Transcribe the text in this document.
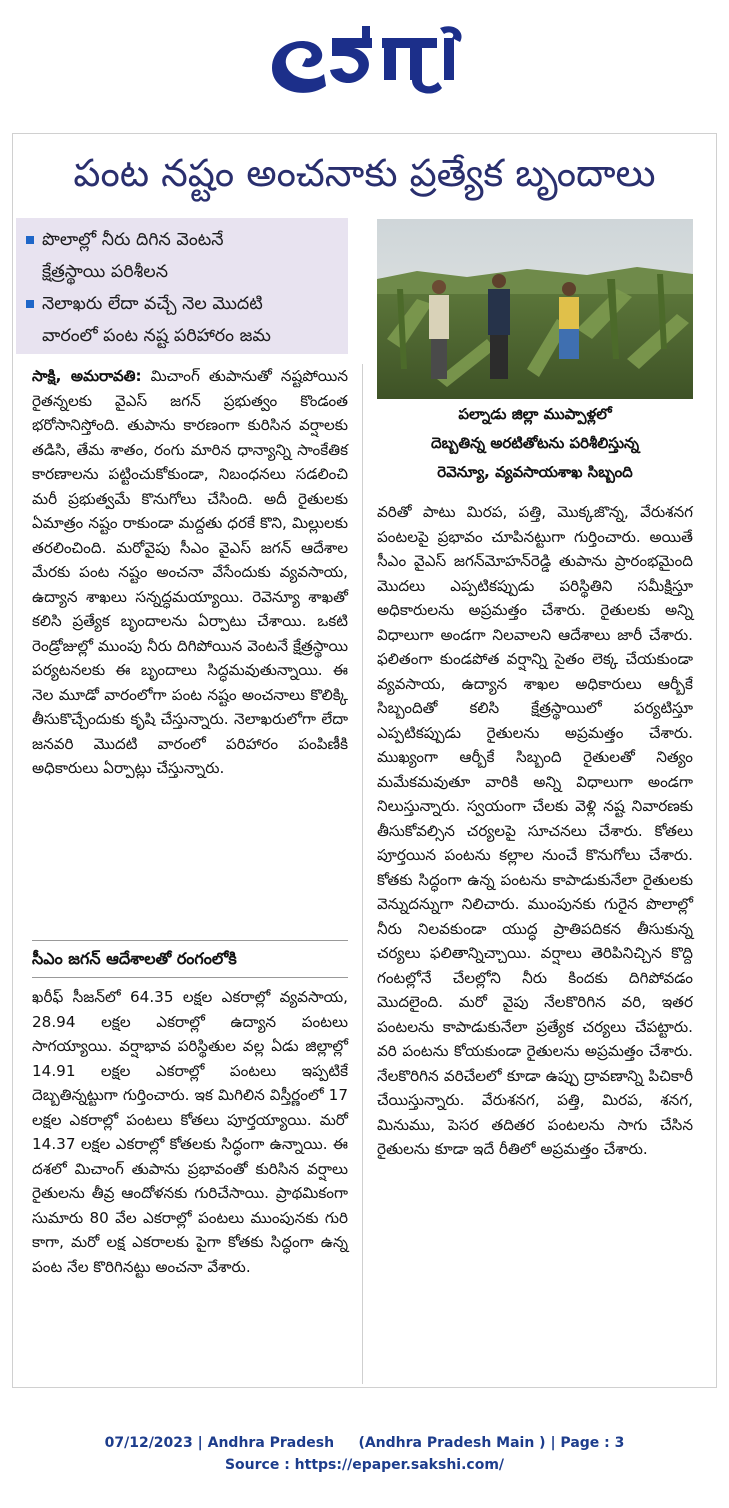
పంట నష్టం అంచనాకు ప్రత్యేక బృందాలు
పొలాల్లో నీరు దిగిన వెంటనే
క్షేత్రస్థాయి పరిశీలన
నెలాఖరు లేదా వచ్చే నెల మొదటి
వారంలో పంట నష్ట పరిహారం జమ
పల్నాడు జిల్లా ముప్పాళ్లలో
దెబ్బతిన్న అరటితోటను పరిశీలిస్తున్న
రెవెన్యూ, వ్యవసాయశాఖ సిబ్బంది

సాక్షి, అమరావతి: మిచాంగ్ తుపానుతో నష్టపోయిన రైతన్నలకు వైఎస్ జగన్ ప్రభుత్వం కొండంత భరోసానిస్తోంది. తుపాను కారణంగా కురిసిన వర్షాలకు తడిసి, తేమ శాతం, రంగు మారిన ధాన్యాన్ని సాంకేతిక కారణాలను పట్టించుకోకుండా, నిబంధనలు సడలించి మరీ ప్రభుత్వమే కొనుగోలు చేసింది. అదీ రైతులకు ఏమాత్రం నష్టం రాకుండా మద్దతు ధరకే కొని, మిల్లులకు తరలించింది. మరోవైపు సీఎం వైఎస్ జగన్ ఆదేశాల మేరకు పంట నష్టం అంచనా వేసేందుకు వ్యవసాయ, ఉద్యాన శాఖలు సన్నద్ధమయ్యాయి. రెవెన్యూ శాఖతో కలిసి ప్రత్యేక బృందాలను ఏర్పాటు చేశాయి. ఒకటి రెండ్రోజుల్లో ముంపు నీరు దిగిపోయిన వెంటనే క్షేత్రస్థాయి పర్యటనలకు ఈ బృందాలు సిద్ధమవుతున్నాయి. ఈ నెల మూడో వారంలోగా పంట నష్టం అంచనాలు కొలిక్కి తీసుకొచ్చేందుకు కృషి చేస్తున్నారు. నెలాఖరులోగా లేదా జనవరి మొదటి వారంలో పరిహారం పంపిణీకి అధికారులు ఏర్పాట్లు చేస్తున్నారు.

సీఎం జగన్ ఆదేశాలతో రంగంలోకి

ఖరీఫ్ సీజన్‌లో 64.35 లక్షల ఎకరాల్లో వ్యవసాయ, 28.94 లక్షల ఎకరాల్లో ఉద్యాన పంటలు సాగయ్యాయి. వర్షాభావ పరిస్థితుల వల్ల ఏడు జిల్లాల్లో 14.91 లక్షల ఎకరాల్లో పంటలు ఇప్పటికే దెబ్బతిన్నట్టుగా గుర్తించారు. ఇక మిగిలిన విస్తీర్ణంలో 17 లక్షల ఎకరాల్లో పంటలు కోతలు పూర్తయ్యాయి. మరో 14.37 లక్షల ఎకరాల్లో కోతలకు సిద్ధంగా ఉన్నాయి. ఈ దశలో మిచాంగ్ తుపాను ప్రభావంతో కురిసిన వర్షాలు రైతులను తీవ్ర ఆందోళనకు గురిచేసాయి. ప్రాథమికంగా సుమారు 80 వేల ఎకరాల్లో పంటలు ముంపునకు గురి కాగా, మరో లక్ష ఎకరాలకు పైగా కోతకు సిద్ధంగా ఉన్న పంట నేల కొరిగినట్టు అంచనా వేశారు.

వరితో పాటు మిరప, పత్తి, మొక్కజొన్న, వేరుశనగ పంటలపై ప్రభావం చూపినట్టుగా గుర్తించారు. అయితే సీఎం వైఎస్ జగన్‌మోహన్‌రెడ్డి తుపాను ప్రారంభమైంది మొదలు ఎప్పటికప్పుడు పరిస్థితిని సమీక్షిస్తూ అధికారులను అప్రమత్తం చేశారు. రైతులకు అన్ని విధాలుగా అండగా నిలవాలని ఆదేశాలు జారీ చేశారు. ఫలితంగా కుండపోత వర్షాన్ని సైతం లెక్క చేయకుండా వ్యవసాయ, ఉద్యాన శాఖల అధికారులు ఆర్బీకే సిబ్బందితో కలిసి క్షేత్రస్థాయిలో పర్యటిస్తూ ఎప్పటికప్పుడు రైతులను అప్రమత్తం చేశారు. ముఖ్యంగా ఆర్బీకే సిబ్బంది రైతులతో నిత్యం మమేకమవుతూ వారికి అన్ని విధాలుగా అండగా నిలుస్తున్నారు. స్వయంగా చేలకు వెళ్లి నష్ట నివారణకు తీసుకోవల్సిన చర్యలపై సూచనలు చేశారు. కోతలు పూర్తయిన పంటను కల్లాల నుంచే కొనుగోలు చేశారు. కోతకు సిద్ధంగా ఉన్న పంటను కాపాడుకునేలా రైతులకు వెన్నుదన్నుగా నిలిచారు. ముంపునకు గురైన పొలాల్లో నీరు నిలవకుండా యుద్ధ ప్రాతిపదికన తీసుకున్న చర్యలు ఫలితాన్నిచ్చాయి. వర్షాలు తెరిపినిచ్చిన కొద్ది గంటల్లోనే చేలల్లోని నీరు కిందకు దిగిపోవడం మొదలైంది. మరో వైపు నేలకొరిగిన వరి, ఇతర పంటలను కాపాడుకునేలా ప్రత్యేక చర్యలు చేపట్టారు. వరి పంటను కోయకుండా రైతులను అప్రమత్తం చేశారు. నేలకొరిగిన వరిచేలలో కూడా ఉప్పు ద్రావణాన్ని పిచికారీ చేయిస్తున్నారు. వేరుశనగ, పత్తి, మిరప, శనగ, మినుము, పెసర తదితర పంటలను సాగు చేసిన రైతులను కూడా ఇదే రీతిలో అప్రమత్తం చేశారు.

07/12/2023 | Andhra Pradesh     (Andhra Pradesh Main ) | Page : 3
Source : https://epaper.sakshi.com/
